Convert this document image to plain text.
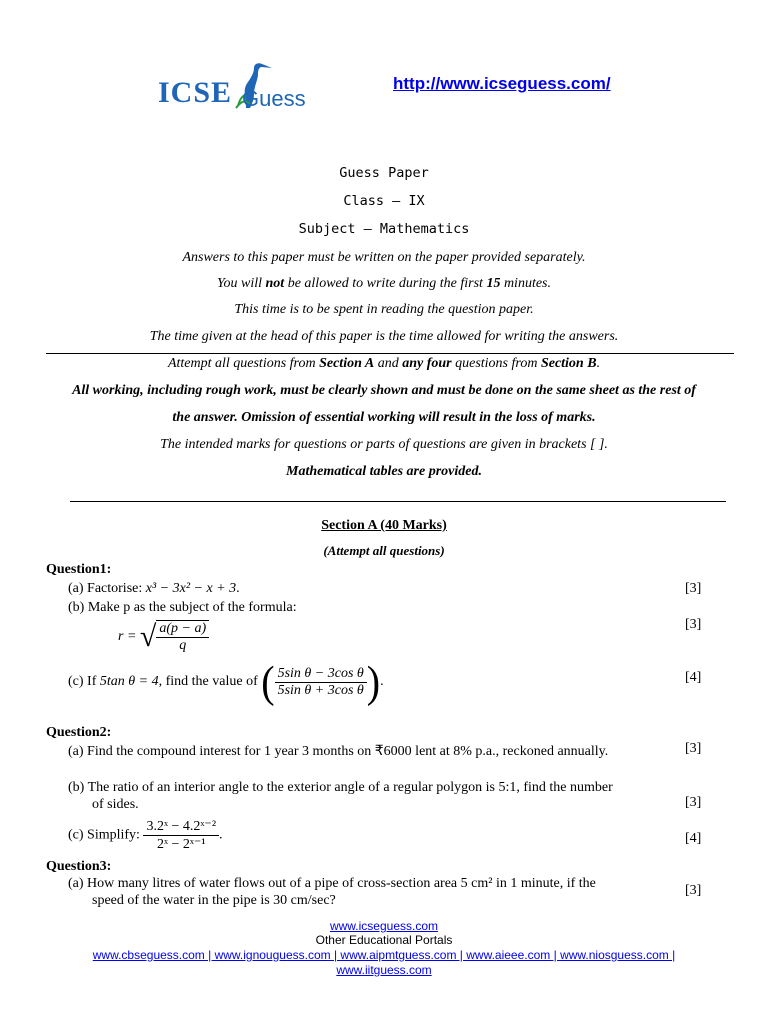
ICSE Guess
http://www.icseguess.com/
Guess Paper
Class – IX
Subject – Mathematics
Answers to this paper must be written on the paper provided separately.
You will not be allowed to write during the first 15 minutes.
This time is to be spent in reading the question paper.
The time given at the head of this paper is the time allowed for writing the answers.
Attempt all questions from Section A and any four questions from Section B.
All working, including rough work, must be clearly shown and must be done on the same sheet as the rest of
the answer. Omission of essential working will result in the loss of marks.
The intended marks for questions or parts of questions are given in brackets [ ].
Mathematical tables are provided.
Section A (40 Marks)
(Attempt all questions)
Question1:
(a) Factorise: x³ − 3x² − x + 3.	[3]
(b) Make p as the subject of the formula:
[3]
r = √ $\frac{a(p - a)}{q}$
(c) If 5tan θ = 4, find the value of ( $\frac{\text{5sin θ − 3cos θ}}{\text{5sin θ + 3cos θ}}$ ).	[4]
Question2:
(a) Find the compound interest for 1 year 3 months on ₹6000 lent at 8% p.a., reckoned annually.	[3]
(b) The ratio of an interior angle to the exterior angle of a regular polygon is 5:1, find the number
of sides.	[3]
(c) Simplify: $\frac{\text{3.2ˣ − 4.2ˣ⁻²}}{\text{2ˣ − 2ˣ⁻¹}}$ .	[4]
Question3:
(a) How many litres of water flows out of a pipe of cross-section area 5 cm² in 1 minute, if the
speed of the water in the pipe is 30 cm/sec?
[3]
www.icseguess.com
Other Educational Portals
www.cbseguess.com | www.ignouguess.com | www.aipmtguess.com | www.aieee.com | www.niosguess.com |
www.iitguess.com
